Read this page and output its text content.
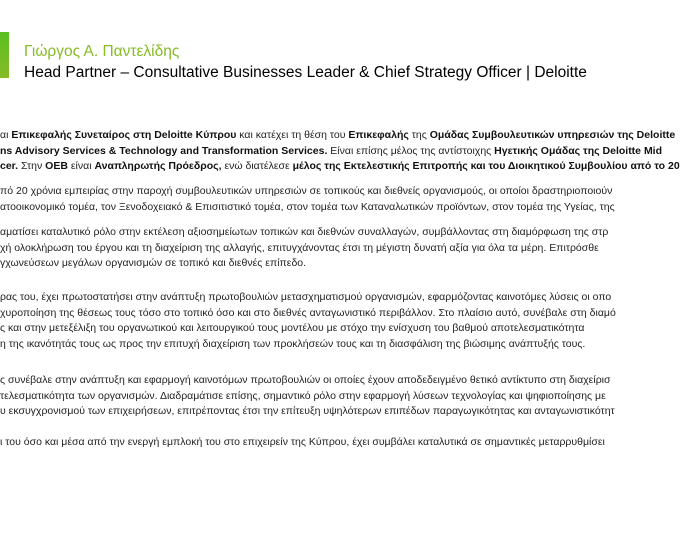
Γιώργος Α. Παντελίδης
Head Partner – Consultative Businesses Leader & Chief Strategy Officer | Deloitte
αι Επικεφαλής Συνεταίρος στη Deloitte Κύπρου και κατέχει τη θέση του Επικεφαλής της Ομάδας Συμβουλευτικών υπηρεσιών της Deloitte
ns Advisory Services & Technology and Transformation Services. Είναι επίσης μέλος της αντίστοιχης Ηγετικής Ομάδας της Deloitte Mid
cer. Στην ΟΕΒ είναι Αναπληρωτής Πρόεδρος, ενώ διατέλεσε μέλος της Εκτελεστικής Επιτροπής και του Διοικητικού Συμβουλίου από το 20
πό 20 χρόνια εμπειρίας στην παροχή συμβουλευτικών υπηρεσιών σε τοπικούς και διεθνείς οργανισμούς, οι οποίοι δραστηριοποιούν
ατοοικονομικό τομέα, τον Ξενοδοχειακό & Επισιτιστικό τομέα, στον τομέα των Καταναλωτικών προϊόντων, στον τομέα της Υγείας, της
αματίσει καταλυτικό ρόλο στην εκτέλεση αξιοσημείωτων τοπικών και διεθνών συναλλαγών, συμβάλλοντας στη διαμόρφωση της στρ
χή ολοκλήρωση του έργου και τη διαχείριση της αλλαγής, επιτυγχάνοντας έτσι τη μέγιστη δυνατή αξία για όλα τα μέρη. Επιτρόσθε
γχωνεύσεων μεγάλων οργανισμών σε τοπικό και διεθνές επίπεδο.
ρας του, έχει πρωτοστατήσει στην ανάπτυξη πρωτοβουλιών μετασχηματισμού οργανισμών, εφαρμόζοντας καινοτόμες λύσεις οι οπο
χυροποίηση της θέσεως τους τόσο στο τοπικό όσο και στο διεθνές ανταγωνιστικό περιβάλλον. Στο πλαίσιο αυτό, συνέβαλε στη διαμό
ς και στην μετεξέλιξη του οργανωτικού και λειτουργικού τους μοντέλου με στόχο την ενίσχυση του βαθμού αποτελεσματικότητα
η της ικανότητάς τους ως προς την επιτυχή διαχείριση των προκλήσεών τους και τη διασφάλιση της βιώσιμης ανάπτυξής τους.
ς συνέβαλε στην ανάπτυξη και εφαρμογή καινοτόμων πρωτοβουλιών οι οποίες έχουν αποδεδειγμένο θετικό αντίκτυπο στη διαχείρισ
τελεσματικότητα των οργανισμών. Διαδραμάτισε επίσης, σημαντικό ρόλο στην εφαρμογή λύσεων τεχνολογίας και ψηφιοποίησης με
υ εκσυγχρονισμού των επιχειρήσεων, επιτρέποντας έτσι την επίτευξη υψηλότερων επιπέδων παραγωγικότητας και ανταγωνιστικότητ
ι του όσο και μέσα από την ενεργή εμπλοκή του στο επιχειρείν της Κύπρου, έχει συμβάλει καταλυτικά σε σημαντικές μεταρρυθμίσει
